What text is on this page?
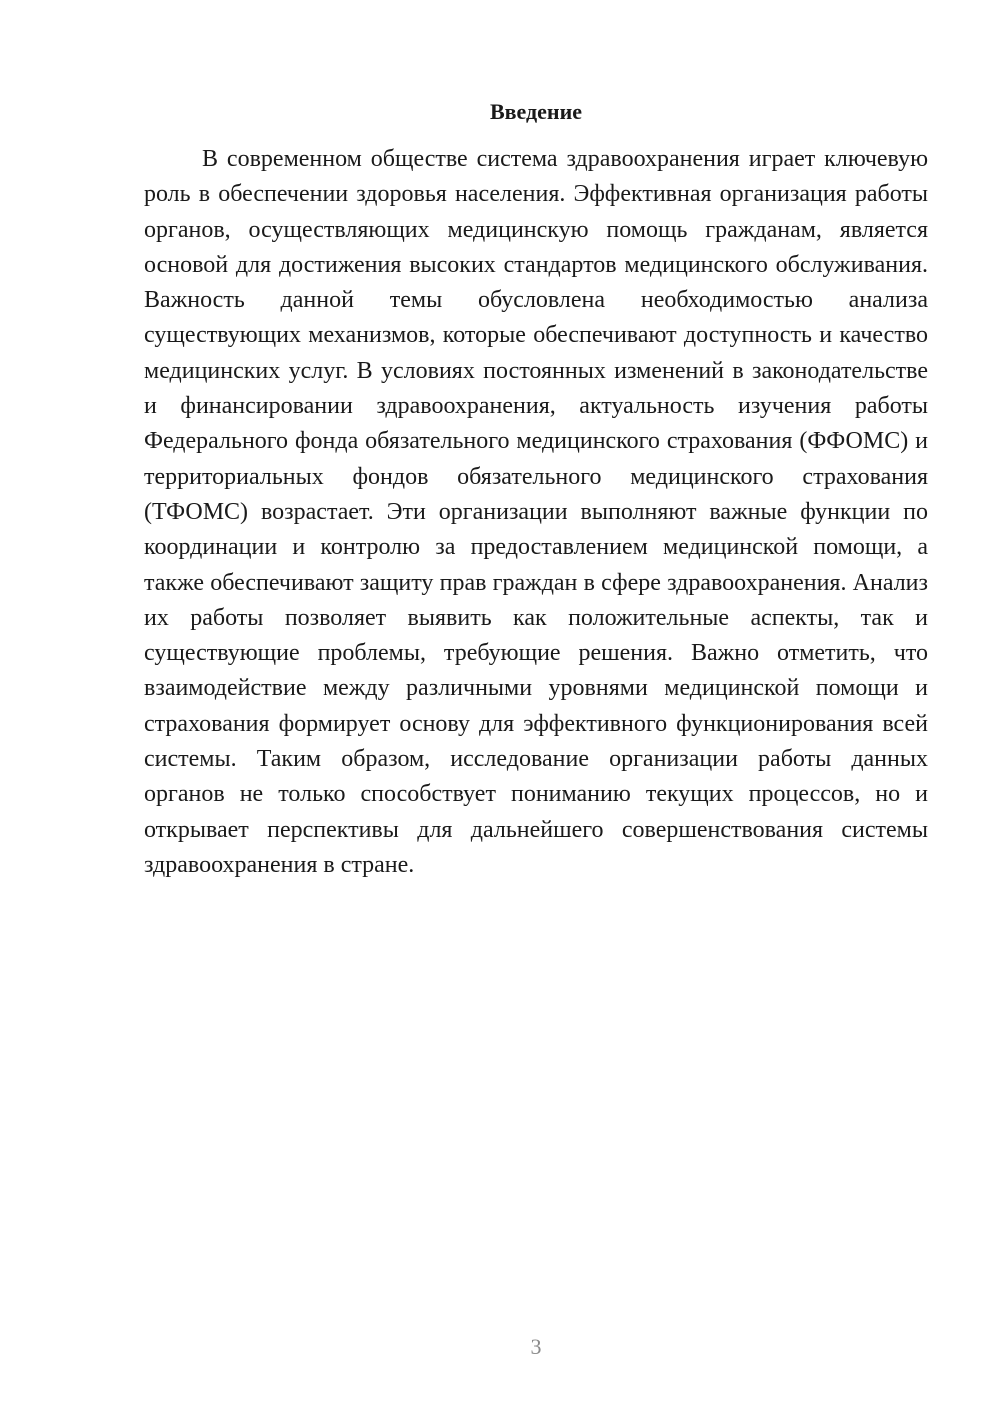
Введение

В современном обществе система здравоохранения играет ключевую роль в обеспечении здоровья населения. Эффективная организация работы органов, осуществляющих медицинскую помощь гражданам, является основой для достижения высоких стандартов медицинского обслуживания. Важность данной темы обусловлена необходимостью анализа существующих механизмов, которые обеспечивают доступность и качество медицинских услуг. В условиях постоянных изменений в законодательстве и финансировании здравоохранения, актуальность изучения работы Федерального фонда обязательного медицинского страхования (ФФОМС) и территориальных фондов обязательного медицинского страхования (ТФОМС) возрастает. Эти организации выполняют важные функции по координации и контролю за предоставлением медицинской помощи, а также обеспечивают защиту прав граждан в сфере здравоохранения. Анализ их работы позволяет выявить как положительные аспекты, так и существующие проблемы, требующие решения. Важно отметить, что взаимодействие между различными уровнями медицинской помощи и страхования формирует основу для эффективного функционирования всей системы. Таким образом, исследование организации работы данных органов не только способствует пониманию текущих процессов, но и открывает перспективы для дальнейшего совершенствования системы здравоохранения в стране.

3
